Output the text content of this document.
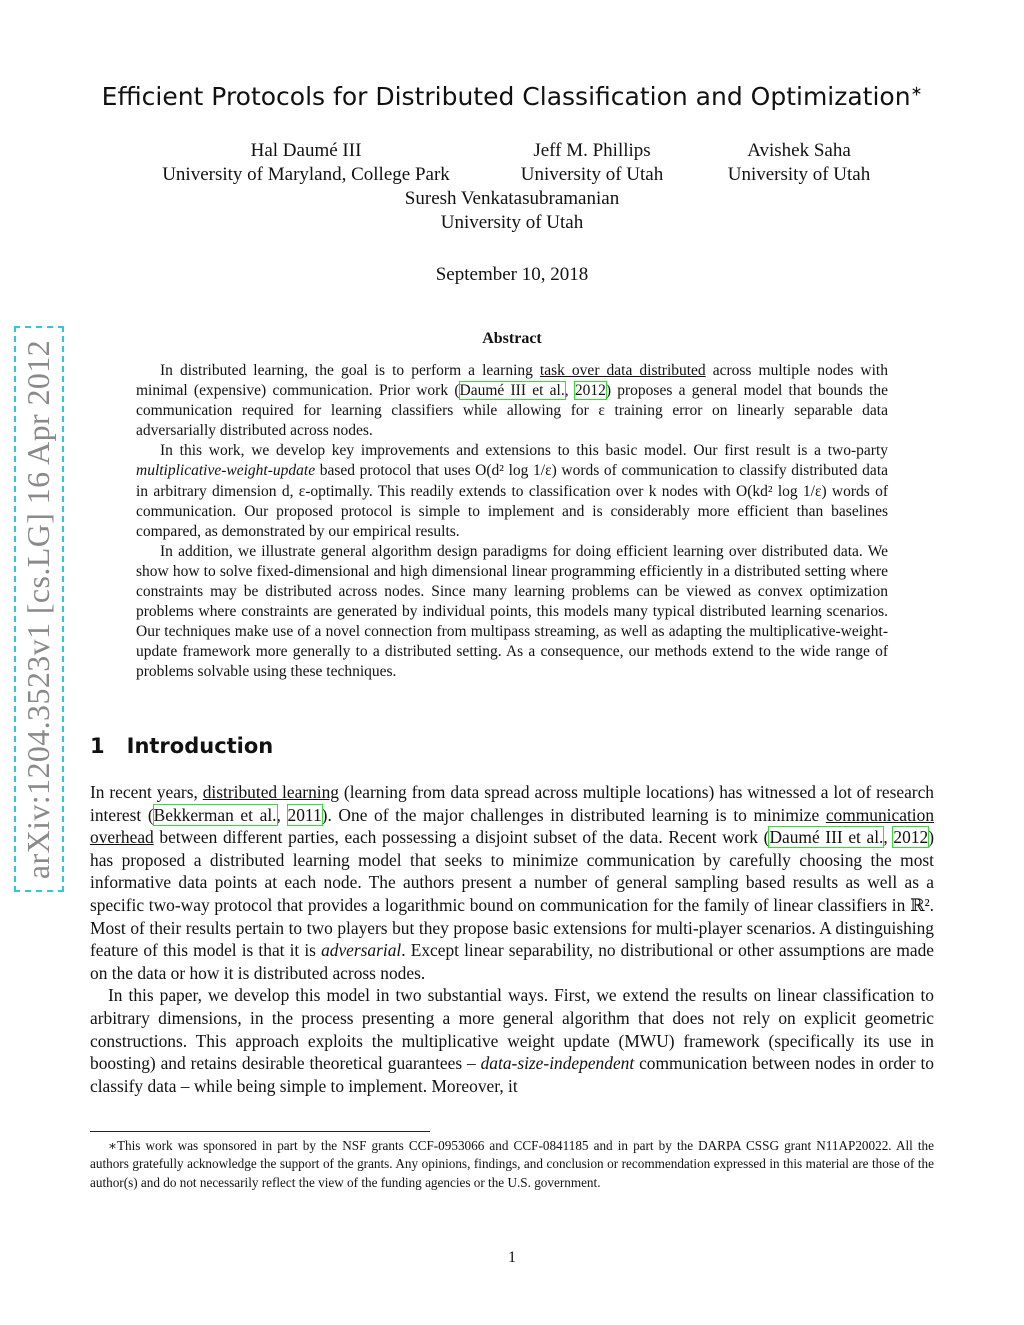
arXiv:1204.3523v1 [cs.LG] 16 Apr 2012
Efficient Protocols for Distributed Classification and Optimization∗
Hal Daumé III
University of Maryland, College Park
Jeff M. Phillips
University of Utah
Avishek Saha
University of Utah
Suresh Venkatasubramanian
University of Utah
September 10, 2018
Abstract

In distributed learning, the goal is to perform a learning task over data distributed across multiple nodes with minimal (expensive) communication. Prior work (Daumé III et al., 2012) proposes a general model that bounds the communication required for learning classifiers while allowing for ε training error on linearly separable data adversarially distributed across nodes.

In this work, we develop key improvements and extensions to this basic model. Our first result is a two-party multiplicative-weight-update based protocol that uses O(d² log 1/ε) words of communication to classify distributed data in arbitrary dimension d, ε-optimally. This readily extends to classification over k nodes with O(kd² log 1/ε) words of communication. Our proposed protocol is simple to implement and is considerably more efficient than baselines compared, as demonstrated by our empirical results.

In addition, we illustrate general algorithm design paradigms for doing efficient learning over distributed data. We show how to solve fixed-dimensional and high dimensional linear programming efficiently in a distributed setting where constraints may be distributed across nodes. Since many learning problems can be viewed as convex optimization problems where constraints are generated by individual points, this models many typical distributed learning scenarios. Our techniques make use of a novel connection from multipass streaming, as well as adapting the multiplicative-weight-update framework more generally to a distributed setting. As a consequence, our methods extend to the wide range of problems solvable using these techniques.

1 Introduction

In recent years, distributed learning (learning from data spread across multiple locations) has witnessed a lot of research interest (Bekkerman et al., 2011). One of the major challenges in distributed learning is to minimize communication overhead between different parties, each possessing a disjoint subset of the data. Recent work (Daumé III et al., 2012) has proposed a distributed learning model that seeks to minimize communication by carefully choosing the most informative data points at each node. The authors present a number of general sampling based results as well as a specific two-way protocol that provides a logarithmic bound on communication for the family of linear classifiers in ℝ². Most of their results pertain to two players but they propose basic extensions for multi-player scenarios. A distinguishing feature of this model is that it is adversarial. Except linear separability, no distributional or other assumptions are made on the data or how it is distributed across nodes.

In this paper, we develop this model in two substantial ways. First, we extend the results on linear classification to arbitrary dimensions, in the process presenting a more general algorithm that does not rely on explicit geometric constructions. This approach exploits the multiplicative weight update (MWU) framework (specifically its use in boosting) and retains desirable theoretical guarantees – data-size-independent communication between nodes in order to classify data – while being simple to implement. Moreover, it

∗This work was sponsored in part by the NSF grants CCF-0953066 and CCF-0841185 and in part by the DARPA CSSG grant N11AP20022. All the authors gratefully acknowledge the support of the grants. Any opinions, findings, and conclusion or recommendation expressed in this material are those of the author(s) and do not necessarily reflect the view of the funding agencies or the U.S. government.

1
